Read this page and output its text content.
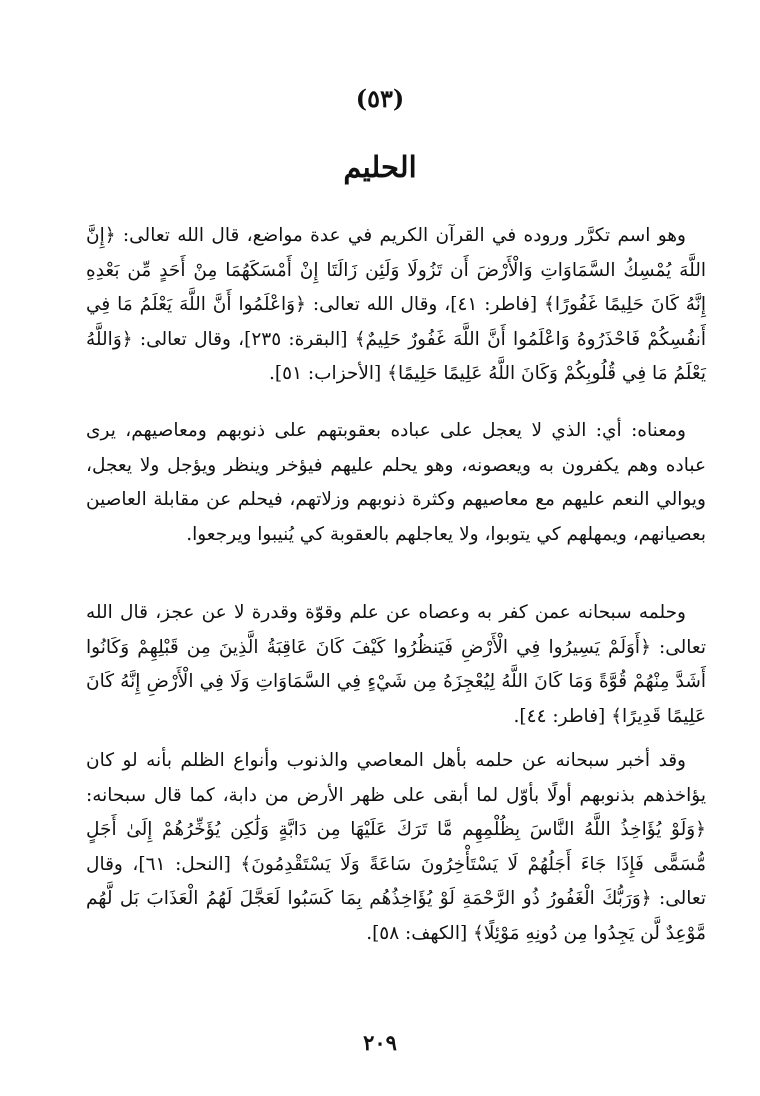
(٥٣)
الحليم

وهو اسم تكرَّر وروده في القرآن الكريم في عدة مواضع، قال الله تعالى: ﴿إِنَّ اللَّهَ يُمْسِكُ السَّمَاوَاتِ وَالْأَرْضَ أَن تَزُولَا وَلَئِن زَالَتَا إِنْ أَمْسَكَهُمَا مِنْ أَحَدٍ مِّن بَعْدِهِ إِنَّهُ كَانَ حَلِيمًا غَفُورًا﴾ [فاطر: ٤١]، وقال الله تعالى: ﴿وَاعْلَمُوا أَنَّ اللَّهَ يَعْلَمُ مَا فِي أَنفُسِكُمْ فَاحْذَرُوهُ وَاعْلَمُوا أَنَّ اللَّهَ غَفُورٌ حَلِيمٌ﴾ [البقرة: ٢٣٥]، وقال تعالى: ﴿وَاللَّهُ يَعْلَمُ مَا فِي قُلُوبِكُمْ وَكَانَ اللَّهُ عَلِيمًا حَلِيمًا﴾ [الأحزاب: ٥١].

ومعناه: أي: الذي لا يعجل على عباده بعقوبتهم على ذنوبهم ومعاصيهم، يرى عباده وهم يكفرون به ويعصونه، وهو يحلم عليهم فيؤخر وينظر ويؤجل ولا يعجل، ويوالي النعم عليهم مع معاصيهم وكثرة ذنوبهم وزلاتهم، فيحلم عن مقابلة العاصين بعصيانهم، ويمهلهم كي يتوبوا، ولا يعاجلهم بالعقوبة كي يُنيبوا ويرجعوا.

وحلمه سبحانه عمن كفر به وعصاه عن علم وقوّة وقدرة لا عن عجز، قال الله تعالى: ﴿أَوَلَمْ يَسِيرُوا فِي الْأَرْضِ فَيَنظُرُوا كَيْفَ كَانَ عَاقِبَةُ الَّذِينَ مِن قَبْلِهِمْ وَكَانُوا أَشَدَّ مِنْهُمْ قُوَّةً وَمَا كَانَ اللَّهُ لِيُعْجِزَهُ مِن شَيْءٍ فِي السَّمَاوَاتِ وَلَا فِي الْأَرْضِ إِنَّهُ كَانَ عَلِيمًا قَدِيرًا﴾ [فاطر: ٤٤].

وقد أخبر سبحانه عن حلمه بأهل المعاصي والذنوب وأنواع الظلم بأنه لو كان يؤاخذهم بذنوبهم أولًا بأوّل لما أبقى على ظهر الأرض من دابة، كما قال سبحانه: ﴿وَلَوْ يُؤَاخِذُ اللَّهُ النَّاسَ بِظُلْمِهِم مَّا تَرَكَ عَلَيْهَا مِن دَابَّةٍ وَلَٰكِن يُؤَخِّرُهُمْ إِلَىٰ أَجَلٍ مُّسَمًّى فَإِذَا جَاءَ أَجَلُهُمْ لَا يَسْتَأْخِرُونَ سَاعَةً وَلَا يَسْتَقْدِمُونَ﴾ [النحل: ٦١]، وقال تعالى: ﴿وَرَبُّكَ الْغَفُورُ ذُو الرَّحْمَةِ لَوْ يُؤَاخِذُهُم بِمَا كَسَبُوا لَعَجَّلَ لَهُمُ الْعَذَابَ بَل لَّهُم مَّوْعِدٌ لَّن يَجِدُوا مِن دُونِهِ مَوْئِلًا﴾ [الكهف: ٥٨].

٢٠٩
